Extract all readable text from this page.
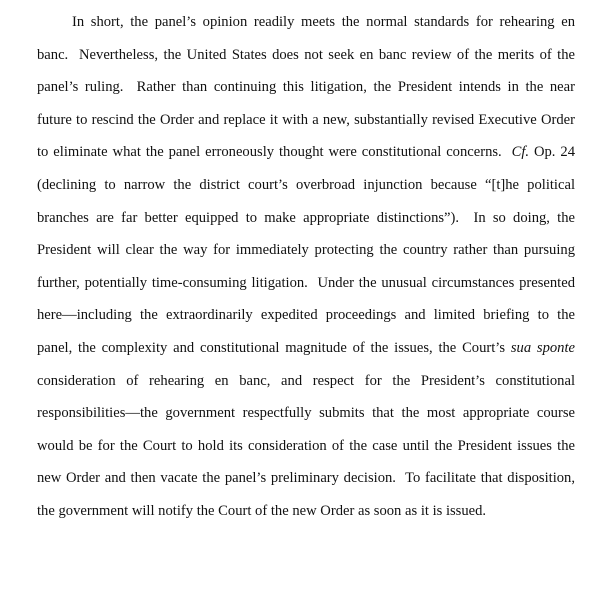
In short, the panel’s opinion readily meets the normal standards for rehearing en
banc.  Nevertheless, the United States does not seek en banc review of the merits of the
panel’s ruling.  Rather than continuing this litigation, the President intends in the near
future to rescind the Order and replace it with a new, substantially revised Executive Order
to eliminate what the panel erroneously thought were constitutional concerns.  Cf. Op. 24
(declining to narrow the district court’s overbroad injunction because “[t]he political
branches are far better equipped to make appropriate distinctions”).  In so doing, the
President will clear the way for immediately protecting the country rather than pursuing
further, potentially time-consuming litigation.  Under the unusual circumstances presented
here—including the extraordinarily expedited proceedings and limited briefing to the
panel, the complexity and constitutional magnitude of the issues, the Court’s sua sponte
consideration of rehearing en banc, and respect for the President’s constitutional
responsibilities—the government respectfully submits that the most appropriate course
would be for the Court to hold its consideration of the case until the President issues the
new Order and then vacate the panel’s preliminary decision.  To facilitate that disposition,
the government will notify the Court of the new Order as soon as it is issued.
